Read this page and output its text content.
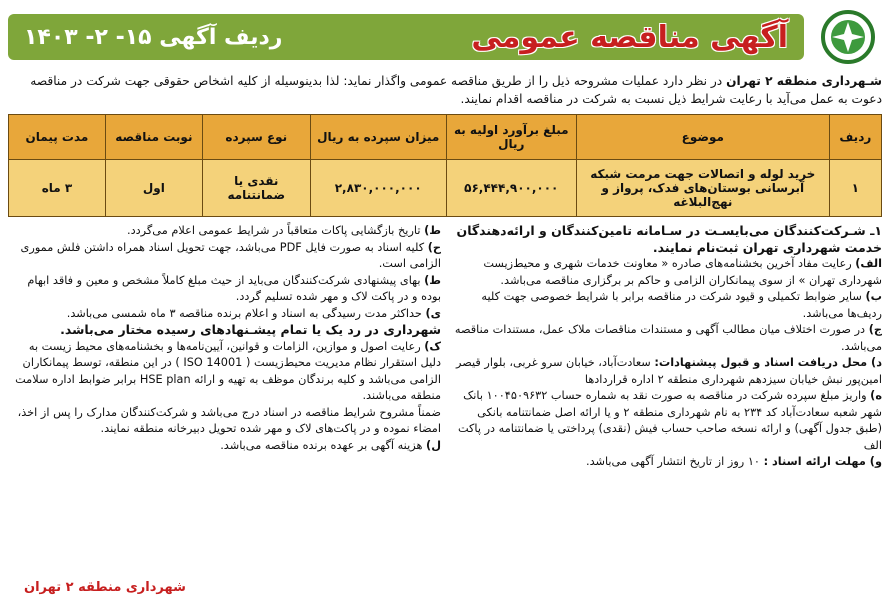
آگهی مناقصه عمومی
ردیف آگهی ۱۵- ۲- ۱۴۰۳
شـهرداری منطقه ۲ تهران در نظر دارد عملیات مشروحه ذیل را از طریق مناقصه عمومی واگذار نماید: لذا بدینوسیله از کلیه اشخاص حقوقی جهت شرکت در مناقصه دعوت به عمل می‌آید با رعایت شرایط ذیل نسبت به شرکت در مناقصه اقدام نمایند.
ردیف	موضوع	مبلغ برآورد اولیه به ریال	میزان سپرده به ریال	نوع سپرده	نوبت مناقصه	مدت پیمان
۱	خرید لوله و اتصالات جهت مرمت شبکه آبرسانی بوستان‌های فدک، پرواز و نهج‌البلاغه	۵۶,۴۴۴,۹۰۰,۰۰۰	۲,۸۳۰,۰۰۰,۰۰۰	نقدی یا ضمانتنامه	اول	۳ ماه

۱ـ شـرکت‌کنندگان می‌بایسـت در سـامانه تامین‌کنندگان و ارائه‌دهندگان خدمت شهرداری تهران ثبت‌نام نمایند.

الف) رعایت مفاد آخرین بخشنامه‌های صادره « معاونت خدمات شهری و محیط‌زیست شهرداری تهران » از سوی پیمانکاران الزامی و حاکم بر برگزاری مناقصه می‌باشد.

ب) سایر ضوابط تکمیلی و قیود شرکت در مناقصه برابر با شرایط خصوصی جهت کلیه ردیف‌ها می‌باشد.

ج) در صورت اختلاف میان مطالب آگهی و مستندات مناقصات ملاک عمل، مستندات مناقصه می‌باشد.

د) محل دریافت اسناد و قبول پیشنهادات: سعادت‌آباد، خیابان سرو غربی، بلوار قیصر امین‌پور نبش خیابان سیزدهم شهرداری منطقه ۲ اداره قراردادها

ه) واریز مبلغ سپرده شرکت در مناقصه به صورت نقد به شماره حساب ۱۰۰۴۵۰۹۶۳۲ بانک شهر شعبه سعادت‌آباد کد ۲۳۴ به نام شهرداری منطقه ۲ و یا ارائه اصل ضمانتنامه بانکی (طبق جدول آگهی) و ارائه نسخه صاحب حساب فیش (نقدی) پرداختی یا ضمانتنامه در پاکت الف

و) مهلت ارائه اسناد : ۱۰ روز از تاریخ انتشار آگهی می‌باشد.

ط) تاریخ بازگشایی پاکات متعاقباً در شرایط عمومی اعلام می‌گردد.

ح) کلیه اسناد به صورت فایل PDF می‌باشد، جهت تحویل اسناد همراه داشتن فلش مموری الزامی است.

ط) بهای پیشنهادی شرکت‌کنندگان می‌باید از حیث مبلغ کاملاً مشخص و معین و فاقد ابهام بوده و در پاکت لاک و مهر شده تسلیم گردد.

ی) حداکثر مدت رسیدگی به اسناد و اعلام برنده مناقصه ۳ ماه شمسی می‌باشد.

شهرداری در رد یک یا تمام پیشـنهادهای رسیده مختار می‌باشد.

ک) رعایت اصول و موازین، الزامات و قوانین، آیین‌نامه‌ها و بخشنامه‌های محیط زیست به دلیل استقرار نظام مدیریت محیط‌زیست ( ISO 14001 ) در این منطقه، توسط پیمانکاران الزامی می‌باشد و کلیه برندگان موظف به تهیه و ارائه HSE plan برابر ضوابط اداره سلامت منطقه می‌باشند.

ضمناً مشروح شرایط مناقصه در اسناد درج می‌باشد و شرکت‌کنندگان مدارک را پس از اخذ، امضاء نموده و در پاکت‌های لاک و مهر شده تحویل دبیرخانه منطقه نمایند.

ل) هزینه آگهی بر عهده برنده مناقصه می‌باشد.

شهرداری منطقه ۲ تهران
